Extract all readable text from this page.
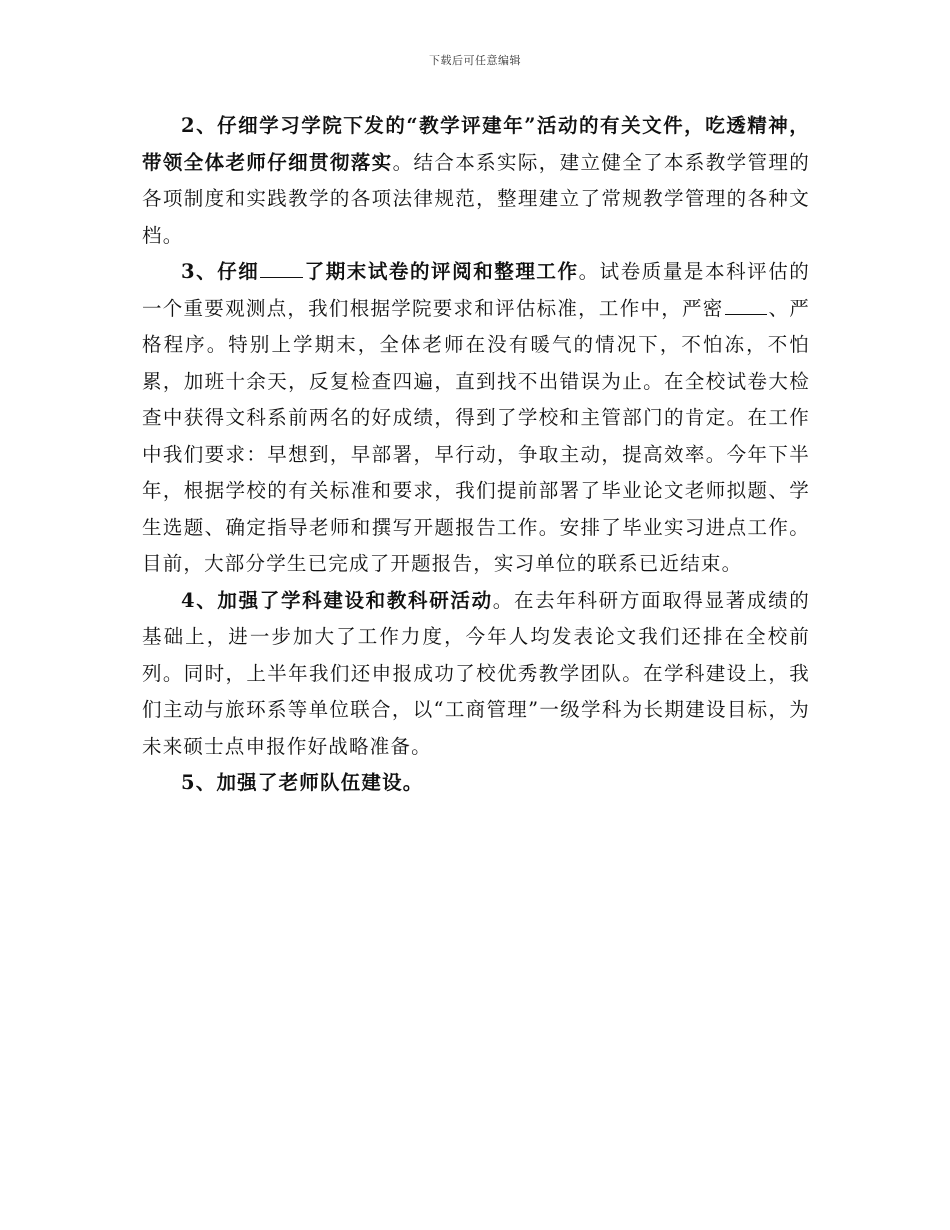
下载后可任意编辑

2、仔细学习学院下发的“教学评建年”活动的有关文件，吃透精神，带领全体老师仔细贯彻落实。结合本系实际，建立健全了本系教学管理的各项制度和实践教学的各项法律规范，整理建立了常规教学管理的各种文档。

3、仔细 了期末试卷的评阅和整理工作。试卷质量是本科评估的一个重要观测点，我们根据学院要求和评估标准，工作中，严密 、严格程序。特别上学期末，全体老师在没有暖气的情况下，不怕冻，不怕累，加班十余天，反复检查四遍，直到找不出错误为止。在全校试卷大检查中获得文科系前两名的好成绩，得到了学校和主管部门的肯定。在工作中我们要求：早想到，早部署，早行动，争取主动，提高效率。今年下半年，根据学校的有关标准和要求，我们提前部署了毕业论文老师拟题、学生选题、确定指导老师和撰写开题报告工作。安排了毕业实习进点工作。目前，大部分学生已完成了开题报告，实习单位的联系已近结束。

4、加强了学科建设和教科研活动。在去年科研方面取得显著成绩的基础上，进一步加大了工作力度，今年人均发表论文我们还排在全校前列。同时，上半年我们还申报成功了校优秀教学团队。在学科建设上，我们主动与旅环系等单位联合，以“工商管理”一级学科为长期建设目标，为未来硕士点申报作好战略准备。

5、加强了老师队伍建设。
